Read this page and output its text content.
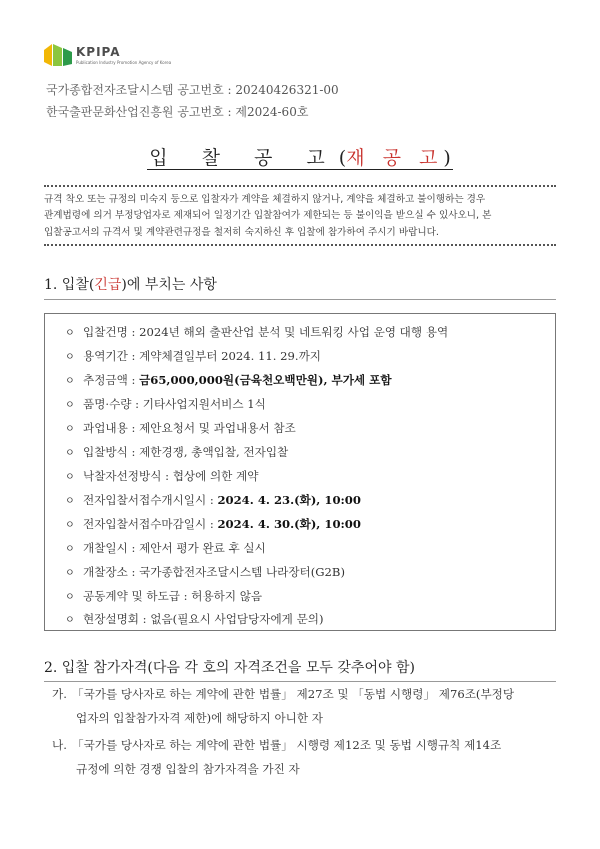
KPIPA
Publication Industry Promotion Agency of Korea
국가종합전자조달시스템 공고번호 : 20240426321-00
한국출판문화산업진흥원 공고번호 : 제2024-60호
입 찰 공 고(재 공 고)
규격 착오 또는 규정의 미숙지 등으로 입찰자가 계약을 체결하지 않거나, 계약을 체결하고 불이행하는 경우
관계법령에 의거 부정당업자로 제재되어 일정기간 입찰참여가 제한되는 등 불이익을 받으실 수 있사오니, 본
입찰공고서의 규격서 및 계약관련규정을 철저히 숙지하신 후 입찰에 참가하여 주시기 바랍니다.
1. 입찰(긴급)에 부치는 사항
ㅇ 입찰건명 : 2024년 해외 출판산업 분석 및 네트워킹 사업 운영 대행 용역
ㅇ 용역기간 : 계약체결일부터 2024. 11. 29.까지
ㅇ 추정금액 : 금65,000,000원(금육천오백만원), 부가세 포함
ㅇ 품명·수량 : 기타사업지원서비스 1식
ㅇ 과업내용 : 제안요청서 및 과업내용서 참조
ㅇ 입찰방식 : 제한경쟁, 총액입찰, 전자입찰
ㅇ 낙찰자선정방식 : 협상에 의한 계약
ㅇ 전자입찰서접수개시일시 : 2024. 4. 23.(화), 10:00
ㅇ 전자입찰서접수마감일시 : 2024. 4. 30.(화), 10:00
ㅇ 개찰일시 : 제안서 평가 완료 후 실시
ㅇ 개찰장소 : 국가종합전자조달시스템 나라장터(G2B)
ㅇ 공동계약 및 하도급 : 허용하지 않음
ㅇ 현장설명회 : 없음(필요시 사업담당자에게 문의)
2. 입찰 참가자격(다음 각 호의 자격조건을 모두 갖추어야 함)
가. 「국가를 당사자로 하는 계약에 관한 법률」 제27조 및 「동법 시행령」 제76조(부정당
업자의 입찰참가자격 제한)에 해당하지 아니한 자
나. 「국가를 당사자로 하는 계약에 관한 법률」 시행령 제12조 및 동법 시행규칙 제14조
규정에 의한 경쟁 입찰의 참가자격을 가진 자
